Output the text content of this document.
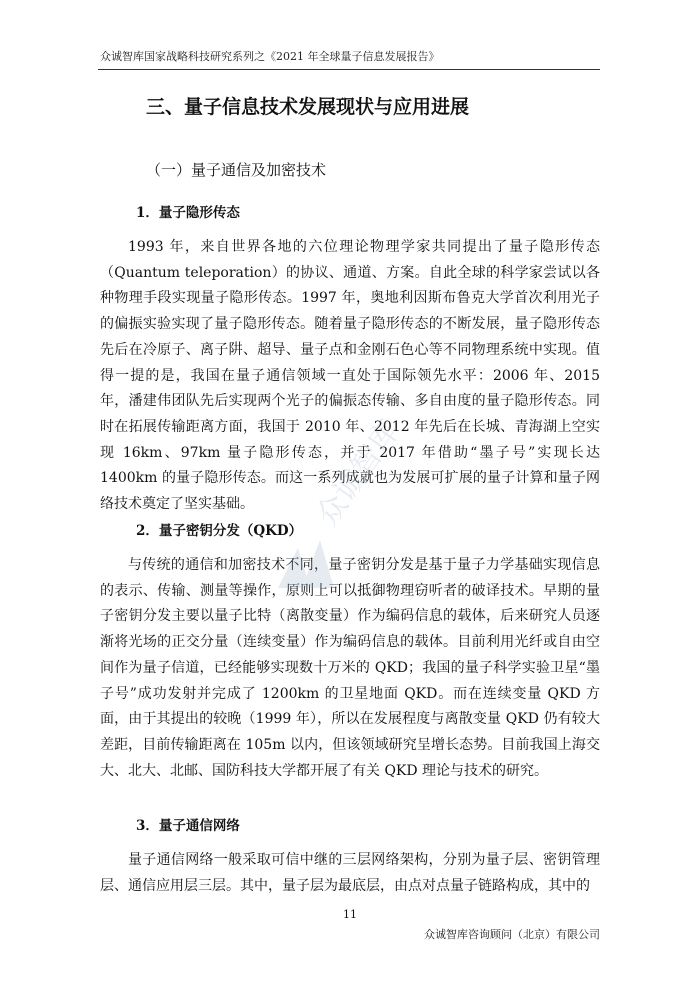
众诚智库国家战略科技研究系列之《2021 年全球量子信息发展报告》
三、量子信息技术发展现状与应用进展
（一）量子通信及加密技术
1．量子隐形传态

1993 年，来自世界各地的六位理论物理学家共同提出了量子隐形传态（Quantum teleporation）的协议、通道、方案。自此全球的科学家尝试以各种物理手段实现量子隐形传态。1997 年，奥地利因斯布鲁克大学首次利用光子的偏振实验实现了量子隐形传态。随着量子隐形传态的不断发展，量子隐形传态先后在冷原子、离子阱、超导、量子点和金刚石色心等不同物理系统中实现。值得一提的是，我国在量子通信领域一直处于国际领先水平：2006 年、2015 年，潘建伟团队先后实现两个光子的偏振态传输、多自由度的量子隐形传态。同时在拓展传输距离方面，我国于 2010 年、2012 年先后在长城、青海湖上空实现 16km、97km 量子隐形传态，并于 2017 年借助“墨子号”实现长达 1400km 的量子隐形传态。而这一系列成就也为发展可扩展的量子计算和量子网络技术奠定了坚实基础。

2．量子密钥分发（QKD）

与传统的通信和加密技术不同，量子密钥分发是基于量子力学基础实现信息的表示、传输、测量等操作，原则上可以抵御物理窃听者的破译技术。早期的量子密钥分发主要以量子比特（离散变量）作为编码信息的载体，后来研究人员逐渐将光场的正交分量（连续变量）作为编码信息的载体。目前利用光纤或自由空间作为量子信道，已经能够实现数十万米的 QKD；我国的量子科学实验卫星“墨子号”成功发射并完成了 1200km 的卫星地面 QKD。而在连续变量 QKD 方面，由于其提出的较晚（1999 年），所以在发展程度与离散变量 QKD 仍有较大差距，目前传输距离在 105m 以内，但该领域研究呈增长态势。目前我国上海交大、北大、北邮、国防科技大学都开展了有关 QKD 理论与技术的研究。

3．量子通信网络

量子通信网络一般采取可信中继的三层网络架构，分别为量子层、密钥管理层、通信应用层三层。其中，量子层为最底层，由点对点量子链路构成，其中的

众诚智库
11
众诚智库咨询顾问（北京）有限公司
